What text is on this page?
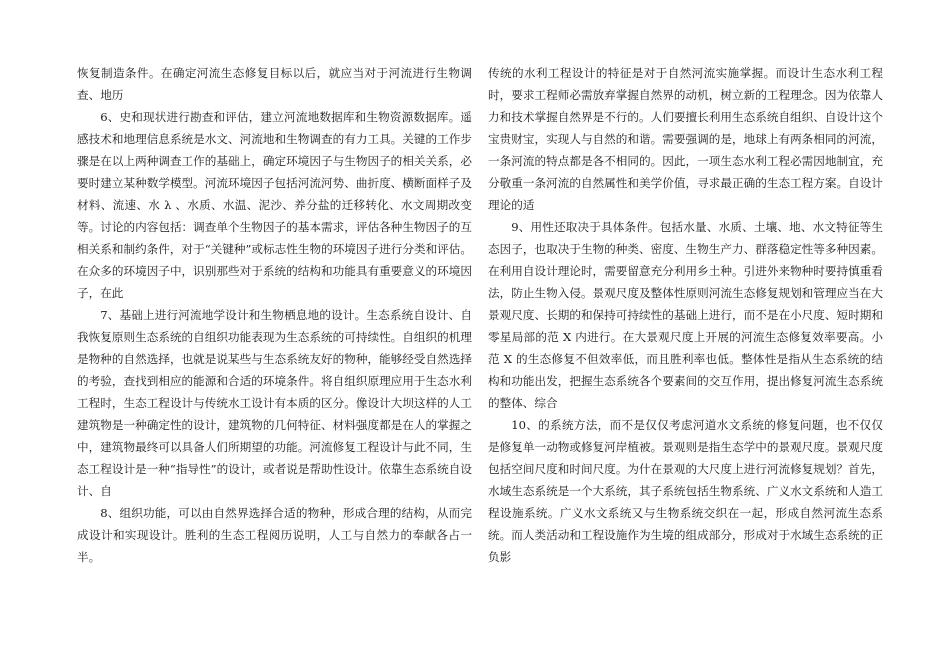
恢复制造条件。在确定河流生态修复目标以后，就应当对于河流进行生物调查、地历

6、史和现状进行勘查和评估，建立河流地数据库和生物资源数据库。遥感技术和地理信息系统是水文、河流地和生物调查的有力工具。关键的工作步骤是在以上两种调查工作的基础上，确定环境因子与生物因子的相关关系，必要时建立某种数学模型。河流环境因子包括河流河势、曲折度、横断面样子及材料、流速、水 λ 、水质、水温、泥沙、养分盐的迁移转化、水文周期改变等。讨论的内容包括：调查单个生物因子的基本需求，评估各种生物因子的互相关系和制约条件，对于“关键种”或标志性生物的环境因子进行分类和评估。在众多的环境因子中，识别那些对于系统的结构和功能具有重要意义的环境因子，在此

7、基础上进行河流地学设计和生物栖息地的设计。生态系统自设计、自我恢复原则生态系统的自组织功能表现为生态系统的可持续性。自组织的机理是物种的自然选择，也就是说某些与生态系统友好的物种，能够经受自然选择的考验，查找到相应的能源和合适的环境条件。将自组织原理应用于生态水利工程时，生态工程设计与传统水工设计有本质的区分。像设计大坝这样的人工建筑物是一种确定性的设计，建筑物的几何特征、材料强度都是在人的掌握之中，建筑物最终可以具备人们所期望的功能。河流修复工程设计与此不同，生态工程设计是一种“指导性”的设计，或者说是帮助性设计。依靠生态系统自设计、自

8、组织功能，可以由自然界选择合适的物种，形成合理的结构，从而完成设计和实现设计。胜利的生态工程阅历说明，人工与自然力的奉献各占一半。

传统的水利工程设计的特征是对于自然河流实施掌握。而设计生态水利工程时，要求工程师必需放弃掌握自然界的动机，树立新的工程理念。因为依靠人力和技术掌握自然界是不行的。人们要擅长利用生态系统自组织、自设计这个宝贵财宝，实现人与自然的和谐。需要强调的是，地球上有两条相同的河流，一条河流的特点都是各不相同的。因此，一项生态水利工程必需因地制宜，充分敬重一条河流的自然属性和美学价值，寻求最正确的生态工程方案。自设计理论的适

9、用性还取决于具体条件。包括水量、水质、土壤、地、水文特征等生态因子，也取决于生物的种类、密度、生物生产力、群落稳定性等多种因素。在利用自设计理论时，需要留意充分利用乡土种。引进外来物种时要持慎重看法，防止生物入侵。景观尺度及整体性原则河流生态修复规划和管理应当在大景观尺度、长期的和保持可持续性的基础上进行，而不是在小尺度、短时期和零星局部的范 X 内进行。在大景观尺度上开展的河流生态修复效率要高。小范 X 的生态修复不但效率低，而且胜利率也低。整体性是指从生态系统的结构和功能出发，把握生态系统各个要素间的交互作用，提出修复河流生态系统的整体、综合

10、的系统方法，而不是仅仅考虑河道水文系统的修复问题，也不仅仅是修复单一动物或修复河岸植被。景观则是指生态学中的景观尺度。景观尺度包括空间尺度和时间尺度。为什在景观的大尺度上进行河流修复规划？首先，水域生态系统是一个大系统，其子系统包括生物系统、广义水文系统和人造工程设施系统。广义水文系统又与生物系统交织在一起，形成自然河流生态系统。而人类活动和工程设施作为生境的组成部分，形成对于水域生态系统的正负影
